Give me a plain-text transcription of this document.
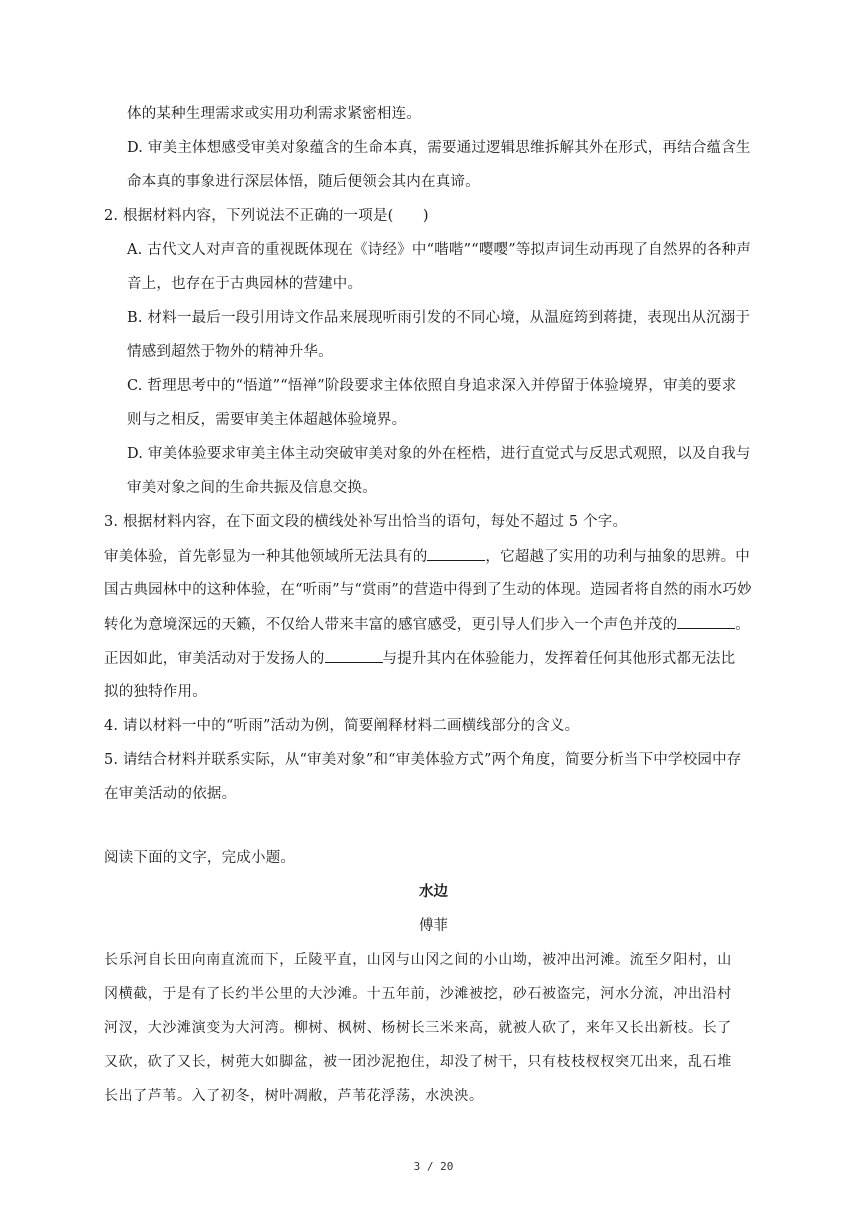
体的某种生理需求或实用功利需求紧密相连。
D. 审美主体想感受审美对象蕴含的生命本真，需要通过逻辑思维拆解其外在形式，再结合蕴含生
命本真的事象进行深层体悟，随后便领会其内在真谛。
2. 根据材料内容，下列说法不正确的一项是(　　)
A. 古代文人对声音的重视既体现在《诗经》中“喈喈”“嘤嘤”等拟声词生动再现了自然界的各种声
音上，也存在于古典园林的营建中。
B. 材料一最后一段引用诗文作品来展现听雨引发的不同心境，从温庭筠到蒋捷，表现出从沉溺于
情感到超然于物外的精神升华。
C. 哲理思考中的“悟道”“悟禅”阶段要求主体依照自身追求深入并停留于体验境界，审美的要求
则与之相反，需要审美主体超越体验境界。
D. 审美体验要求审美主体主动突破审美对象的外在桎梏，进行直觉式与反思式观照，以及自我与
审美对象之间的生命共振及信息交换。
3. 根据材料内容，在下面文段的横线处补写出恰当的语句，每处不超过 5 个字。
审美体验，首先彰显为一种其他领域所无法具有的	，它超越了实用的功利与抽象的思辨。中
国古典园林中的这种体验，在“听雨”与“赏雨”的营造中得到了生动的体现。造园者将自然的雨水巧妙
转化为意境深远的天籁，不仅给人带来丰富的感官感受，更引导人们步入一个声色并茂的	。
正因如此，审美活动对于发扬人的	与提升其内在体验能力，发挥着任何其他形式都无法比
拟的独特作用。
4. 请以材料一中的“听雨”活动为例，简要阐释材料二画横线部分的含义。
5. 请结合材料并联系实际，从“审美对象”和“审美体验方式”两个角度，简要分析当下中学校园中存
在审美活动的依据。
阅读下面的文字，完成小题。
水边
傅菲
长乐河自长田向南直流而下，丘陵平直，山冈与山冈之间的小山坳，被冲出河滩。流至夕阳村，山
冈横截，于是有了长约半公里的大沙滩。十五年前，沙滩被挖，砂石被盗完，河水分流，冲出沿村
河汊，大沙滩演变为大河湾。柳树、枫树、杨树长三米来高，就被人砍了，来年又长出新枝。长了
又砍，砍了又长，树蔸大如脚盆，被一团沙泥抱住，却没了树干，只有枝枝杈杈突兀出来，乱石堆
长出了芦苇。入了初冬，树叶凋敝，芦苇花浮荡，水泱泱。
3 / 20
